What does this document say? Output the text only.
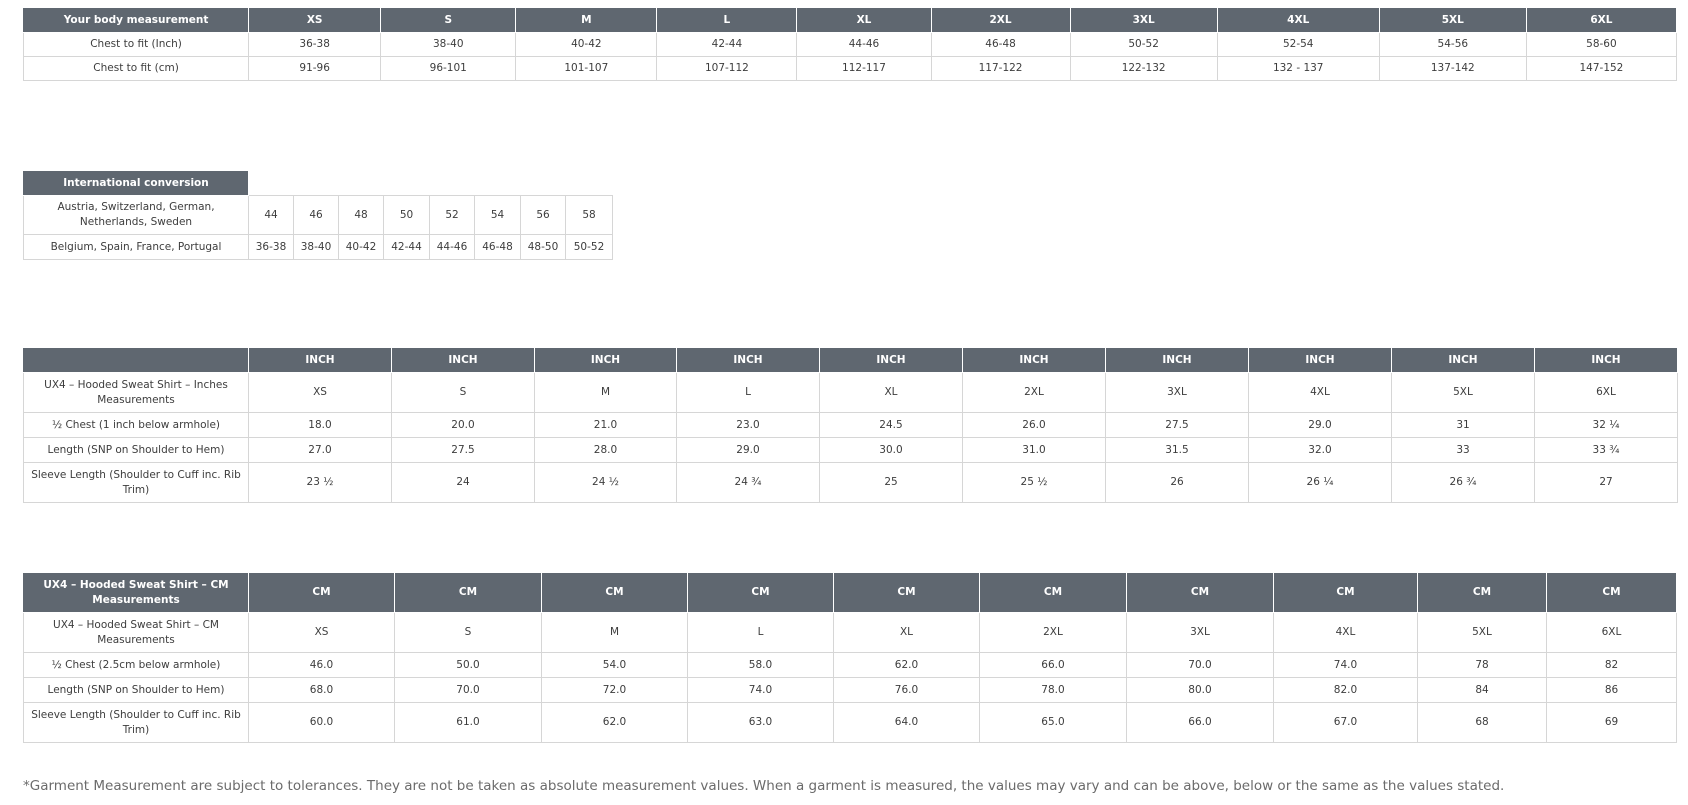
Your body measurement	XS	S	M	L	XL	2XL	3XL	4XL	5XL	6XL
Chest to fit (Inch)	36-38	38-40	40-42	42-44	44-46	46-48	50-52	52-54	54-56	58-60
Chest to fit (cm)	91-96	96-101	101-107	107-112	112-117	117-122	122-132	132 - 137	137-142	147-152
International conversion								
Austria, Switzerland, German, Netherlands, Sweden	44	46	48	50	52	54	56	58
Belgium, Spain, France, Portugal	36-38	38-40	40-42	42-44	44-46	46-48	48-50	50-52
	INCH	INCH	INCH	INCH	INCH	INCH	INCH	INCH	INCH	INCH
UX4 – Hooded Sweat Shirt – Inches Measurements	XS	S	M	L	XL	2XL	3XL	4XL	5XL	6XL
½ Chest (1 inch below armhole)	18.0	20.0	21.0	23.0	24.5	26.0	27.5	29.0	31	32 ¼
Length (SNP on Shoulder to Hem)	27.0	27.5	28.0	29.0	30.0	31.0	31.5	32.0	33	33 ¾
Sleeve Length (Shoulder to Cuff inc. Rib Trim)	23 ½	24	24 ½	24 ¾	25	25 ½	26	26 ¼	26 ¾	27
UX4 – Hooded Sweat Shirt – CM Measurements	CM	CM	CM	CM	CM	CM	CM	CM	CM	CM
UX4 – Hooded Sweat Shirt – CM Measurements	XS	S	M	L	XL	2XL	3XL	4XL	5XL	6XL
½ Chest (2.5cm below armhole)	46.0	50.0	54.0	58.0	62.0	66.0	70.0	74.0	78	82
Length (SNP on Shoulder to Hem)	68.0	70.0	72.0	74.0	76.0	78.0	80.0	82.0	84	86
Sleeve Length (Shoulder to Cuff inc. Rib Trim)	60.0	61.0	62.0	63.0	64.0	65.0	66.0	67.0	68	69

*Garment Measurement are subject to tolerances. They are not be taken as absolute measurement values. When a garment is measured, the values may vary and can be above, below or the same as the values stated.
